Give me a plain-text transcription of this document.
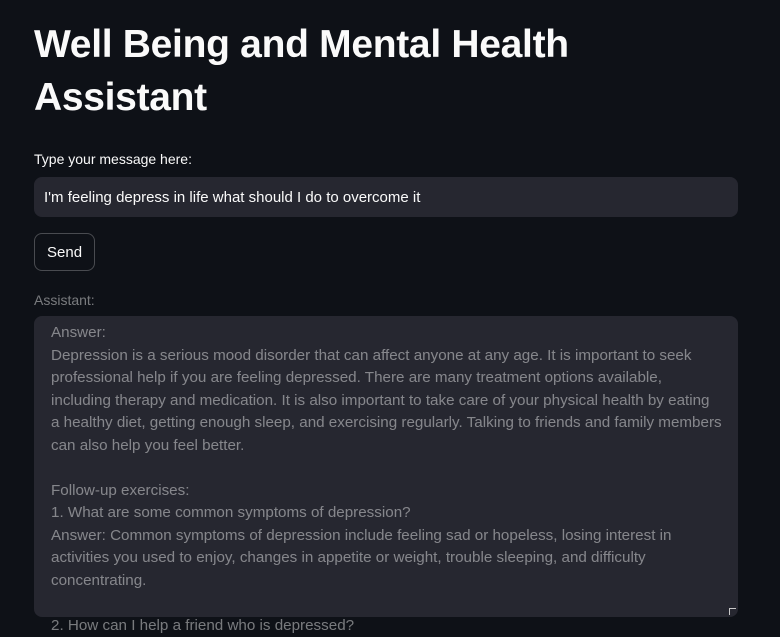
Well Being and Mental Health Assistant
Type your message here:
I'm feeling depress in life what should I do to overcome it
Send
Assistant:
Answer:
Depression is a serious mood disorder that can affect anyone at any age. It is important to seek professional help if you are feeling depressed. There are many treatment options available, including therapy and medication. It is also important to take care of your physical health by eating a healthy diet, getting enough sleep, and exercising regularly. Talking to friends and family members can also help you feel better.

Follow-up exercises:
1. What are some common symptoms of depression?
Answer: Common symptoms of depression include feeling sad or hopeless, losing interest in activities you used to enjoy, changes in appetite or weight, trouble sleeping, and difficulty concentrating.

2. How can I help a friend who is depressed?
